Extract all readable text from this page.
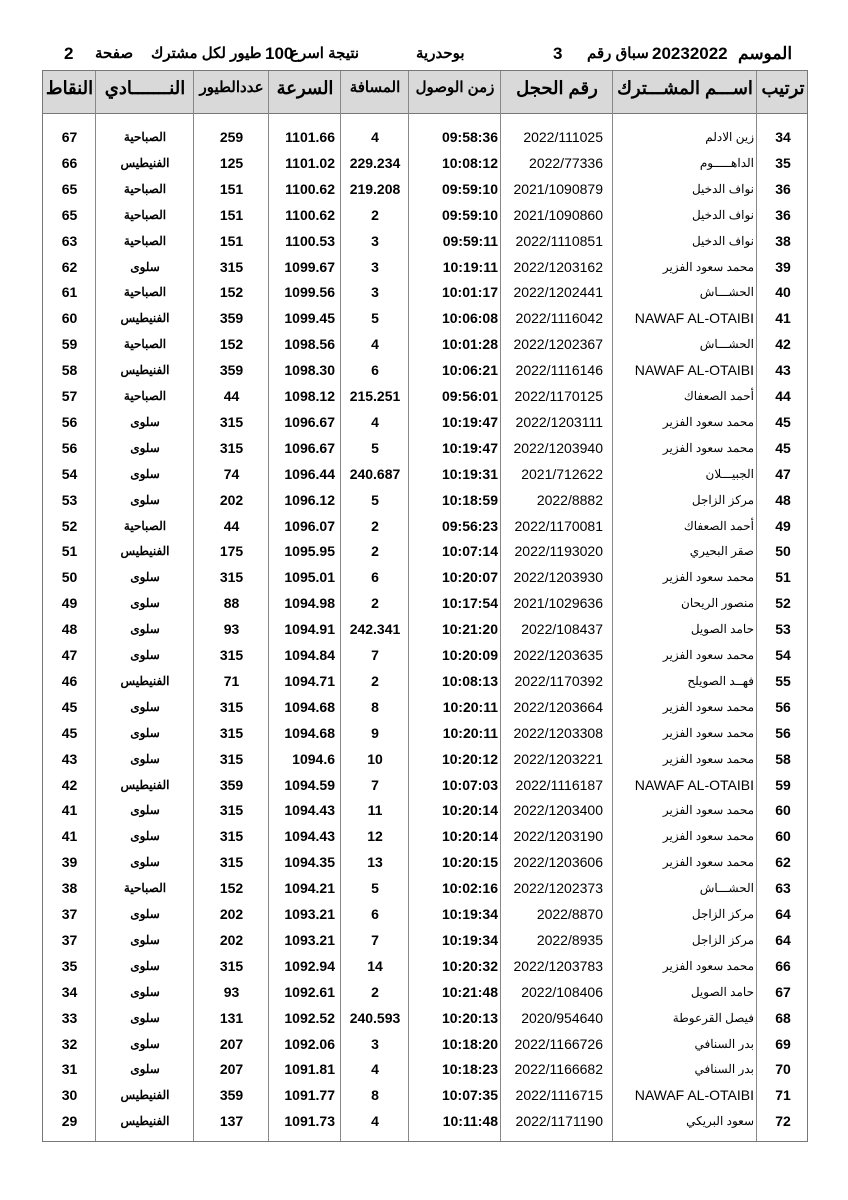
الموسم
20232022
سباق رقم
3
بوحدرية
نتيجة اسرع
100
طيور لكل مشترك
صفحة
2
النقاط النـــــــادي عددالطيور السرعة	المسافة	زمن الوصول	رقم الحجل	اســـم المشـــترك ترتيب
67	الصباحية	259	1101.66	4	09:58:36	2022/111025	زين الادلم	34
66	الفنيطيس	125	1101.02	229.234	10:08:12	2022/77336	الداهـــــوم	35
65	الصباحية	151	1100.62	219.208	09:59:10	2021/1090879	نواف الدخيل	36
65	الصباحية	151	1100.62	2	09:59:10	2021/1090860	نواف الدخيل	36
63	الصباحية	151	1100.53	3	09:59:11	2022/1110851	نواف الدخيل	38
62	سلوى	315	1099.67	3	10:19:11	2022/1203162	محمد سعود الفزير	39
61	الصباحية	152	1099.56	3	10:01:17	2022/1202441	الحشـــاش	40
60	الفنيطيس	359	1099.45	5	10:06:08	2022/1116042	NAWAF AL-OTAIBI	41
59	الصباحية	152	1098.56	4	10:01:28	2022/1202367	الحشـــاش	42
58	الفنيطيس	359	1098.30	6	10:06:21	2022/1116146	NAWAF AL-OTAIBI	43
57	الصباحية	44	1098.12	215.251	09:56:01	2022/1170125	أحمد الصعفاك	44
56	سلوى	315	1096.67	4	10:19:47	2022/1203111	محمد سعود الفزير	45
56	سلوى	315	1096.67	5	10:19:47	2022/1203940	محمد سعود الفزير	45
54	سلوى	74	1096.44	240.687	10:19:31	2021/712622	الجبيـــلان	47
53	سلوى	202	1096.12	5	10:18:59	2022/8882	مركز الزاجل	48
52	الصباحية	44	1096.07	2	09:56:23	2022/1170081	أحمد الصعفاك	49
51	الفنيطيس	175	1095.95	2	10:07:14	2022/1193020	صقر البحيري	50
50	سلوى	315	1095.01	6	10:20:07	2022/1203930	محمد سعود الفزير	51
49	سلوى	88	1094.98	2	10:17:54	2021/1029636	منصور الريحان	52
48	سلوى	93	1094.91	242.341	10:21:20	2022/108437	حامد الصويل	53
47	سلوى	315	1094.84	7	10:20:09	2022/1203635	محمد سعود الفزير	54
46	الفنيطيس	71	1094.71	2	10:08:13	2022/1170392	فهــد الصويلح	55
45	سلوى	315	1094.68	8	10:20:11	2022/1203664	محمد سعود الفزير	56
45	سلوى	315	1094.68	9	10:20:11	2022/1203308	محمد سعود الفزير	56
43	سلوى	315	1094.6	10	10:20:12	2022/1203221	محمد سعود الفزير	58
42	الفنيطيس	359	1094.59	7	10:07:03	2022/1116187	NAWAF AL-OTAIBI	59
41	سلوى	315	1094.43	11	10:20:14	2022/1203400	محمد سعود الفزير	60
41	سلوى	315	1094.43	12	10:20:14	2022/1203190	محمد سعود الفزير	60
39	سلوى	315	1094.35	13	10:20:15	2022/1203606	محمد سعود الفزير	62
38	الصباحية	152	1094.21	5	10:02:16	2022/1202373	الحشـــاش	63
37	سلوى	202	1093.21	6	10:19:34	2022/8870	مركز الزاجل	64
37	سلوى	202	1093.21	7	10:19:34	2022/8935	مركز الزاجل	64
35	سلوى	315	1092.94	14	10:20:32	2022/1203783	محمد سعود الفزير	66
34	سلوى	93	1092.61	2	10:21:48	2022/108406	حامد الصويل	67
33	سلوى	131	1092.52	240.593	10:20:13	2020/954640	فيصل القرعوطة	68
32	سلوى	207	1092.06	3	10:18:20	2022/1166726	بدر السنافي	69
31	سلوى	207	1091.81	4	10:18:23	2022/1166682	بدر السنافي	70
30	الفنيطيس	359	1091.77	8	10:07:35	2022/1116715	NAWAF AL-OTAIBI	71
29	الفنيطيس	137	1091.73	4	10:11:48	2022/1171190	سعود البريكي	72
